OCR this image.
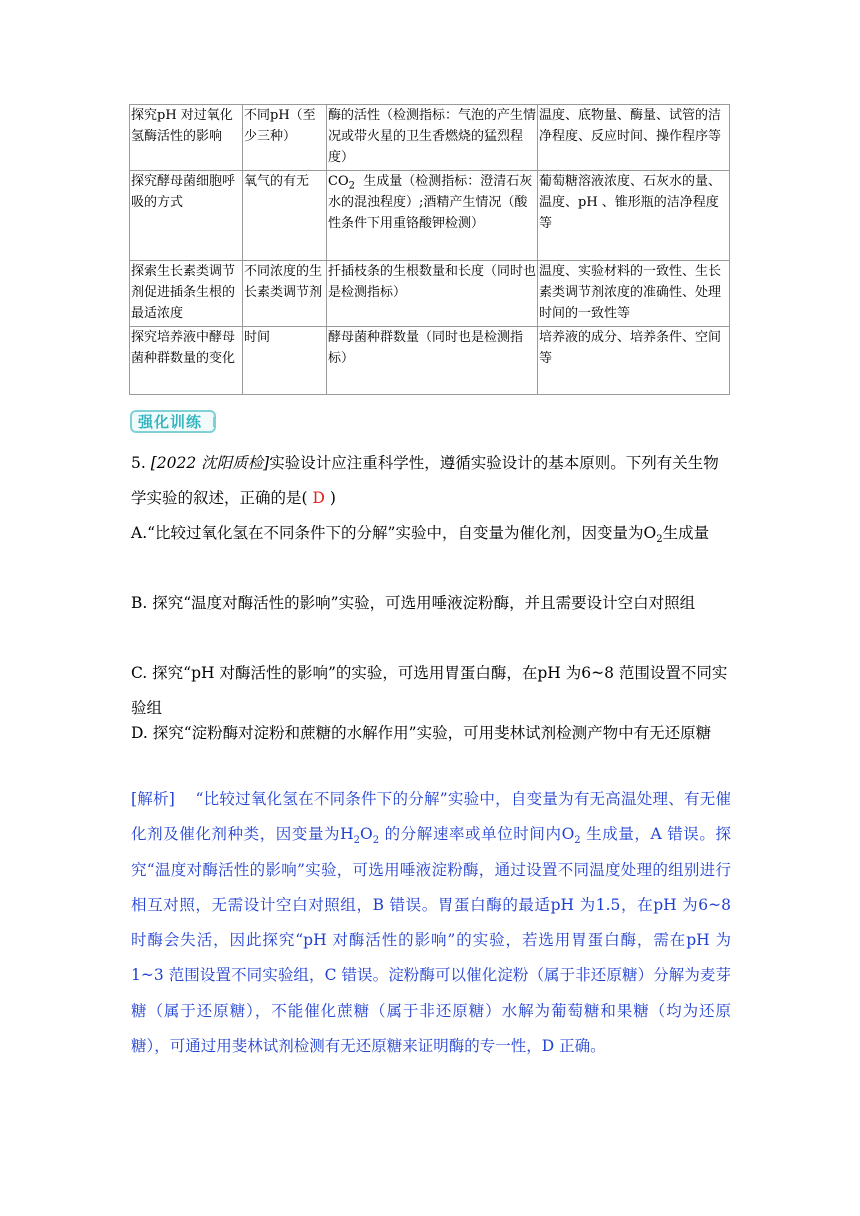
探究pH 对过氧化氢酶活性的影响	不同pH（至少三种）	酶的活性（检测指标：气泡的产生情况或带火星的卫生香燃烧的猛烈程度）	温度、底物量、酶量、试管的洁净程度、反应时间、操作程序等
探究酵母菌细胞呼吸的方式	氧气的有无	$CO_2$ 生成量（检测指标：澄清石灰水的混浊程度）;酒精产生情况（酸性条件下用重铬酸钾检测）	葡萄糖溶液浓度、石灰水的量、温度、pH 、锥形瓶的洁净程度等
探索生长素类调节剂促进插条生根的最适浓度	不同浓度的生长素类调节剂	扦插枝条的生根数量和长度（同时也是检测指标）	温度、实验材料的一致性、生长素类调节剂浓度的准确性、处理时间的一致性等
探究培养液中酵母菌种群数量的变化	时间	酵母菌种群数量（同时也是检测指标）	培养液的成分、培养条件、空间等
强化训练
5. [2022 沈阳质检]实验设计应注重科学性，遵循实验设计的基本原则。下列有关生物学实验的叙述，正确的是( D )
A.“比较过氧化氢在不同条件下的分解”实验中，自变量为催化剂，因变量为$O_2$生成量
B. 探究“温度对酶活性的影响”实验，可选用唾液淀粉酶，并且需要设计空白对照组
C. 探究“pH 对酶活性的影响”的实验，可选用胃蛋白酶，在pH 为6~8 范围设置不同实验组
D. 探究“淀粉酶对淀粉和蔗糖的水解作用”实验，可用斐林试剂检测产物中有无还原糖
[解析] “比较过氧化氢在不同条件下的分解”实验中，自变量为有无高温处理、有无催化剂及催化剂种类，因变量为$H_2O_2$ 的分解速率或单位时间内$O_2$ 生成量，A 错误。探究“温度对酶活性的影响”实验，可选用唾液淀粉酶，通过设置不同温度处理的组别进行相互对照，无需设计空白对照组，B 错误。胃蛋白酶的最适pH 为1.5，在pH 为6~8 时酶会失活，因此探究“pH 对酶活性的影响”的实验，若选用胃蛋白酶，需在pH 为1~3 范围设置不同实验组，C 错误。淀粉酶可以催化淀粉（属于非还原糖）分解为麦芽糖（属于还原糖），不能催化蔗糖（属于非还原糖）水解为葡萄糖和果糖（均为还原糖），可通过用斐林试剂检测有无还原糖来证明酶的专一性，D 正确。
